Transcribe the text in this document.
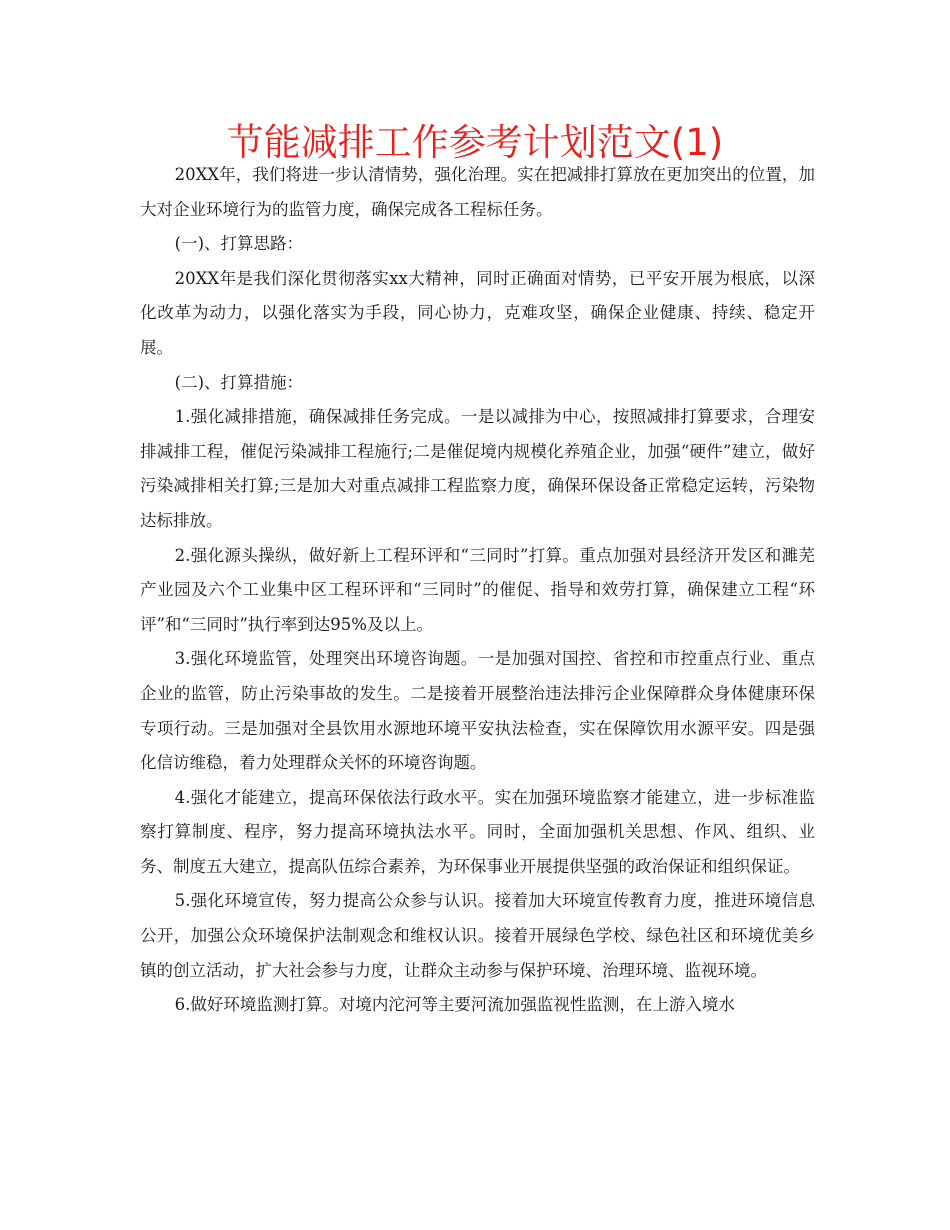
节能减排工作参考计划范文(1)

20XX年，我们将进一步认清情势，强化治理。实在把减排打算放在更加突出的位置，加大对企业环境行为的监管力度，确保完成各工程标任务。

(一)、打算思路：

20XX年是我们深化贯彻落实xx大精神，同时正确面对情势，已平安开展为根底，以深化改革为动力，以强化落实为手段，同心协力，克难攻坚，确保企业健康、持续、稳定开展。

(二)、打算措施：

1.强化减排措施，确保减排任务完成。一是以减排为中心，按照减排打算要求，合理安排减排工程，催促污染减排工程施行;二是催促境内规模化养殖企业，加强“硬件”建立，做好污染减排相关打算;三是加大对重点减排工程监察力度，确保环保设备正常稳定运转，污染物达标排放。

2.强化源头操纵，做好新上工程环评和“三同时”打算。重点加强对县经济开发区和濉芜产业园及六个工业集中区工程环评和“三同时”的催促、指导和效劳打算，确保建立工程“环评”和“三同时”执行率到达95%及以上。

3.强化环境监管，处理突出环境咨询题。一是加强对国控、省控和市控重点行业、重点企业的监管，防止污染事故的发生。二是接着开展整治违法排污企业保障群众身体健康环保专项行动。三是加强对全县饮用水源地环境平安执法检查，实在保障饮用水源平安。四是强化信访维稳，着力处理群众关怀的环境咨询题。

4.强化才能建立，提高环保依法行政水平。实在加强环境监察才能建立，进一步标准监察打算制度、程序，努力提高环境执法水平。同时，全面加强机关思想、作风、组织、业务、制度五大建立，提高队伍综合素养，为环保事业开展提供坚强的政治保证和组织保证。

5.强化环境宣传，努力提高公众参与认识。接着加大环境宣传教育力度，推进环境信息公开，加强公众环境保护法制观念和维权认识。接着开展绿色学校、绿色社区和环境优美乡镇的创立活动，扩大社会参与力度，让群众主动参与保护环境、治理环境、监视环境。

6.做好环境监测打算。对境内沱河等主要河流加强监视性监测，在上游入境水
